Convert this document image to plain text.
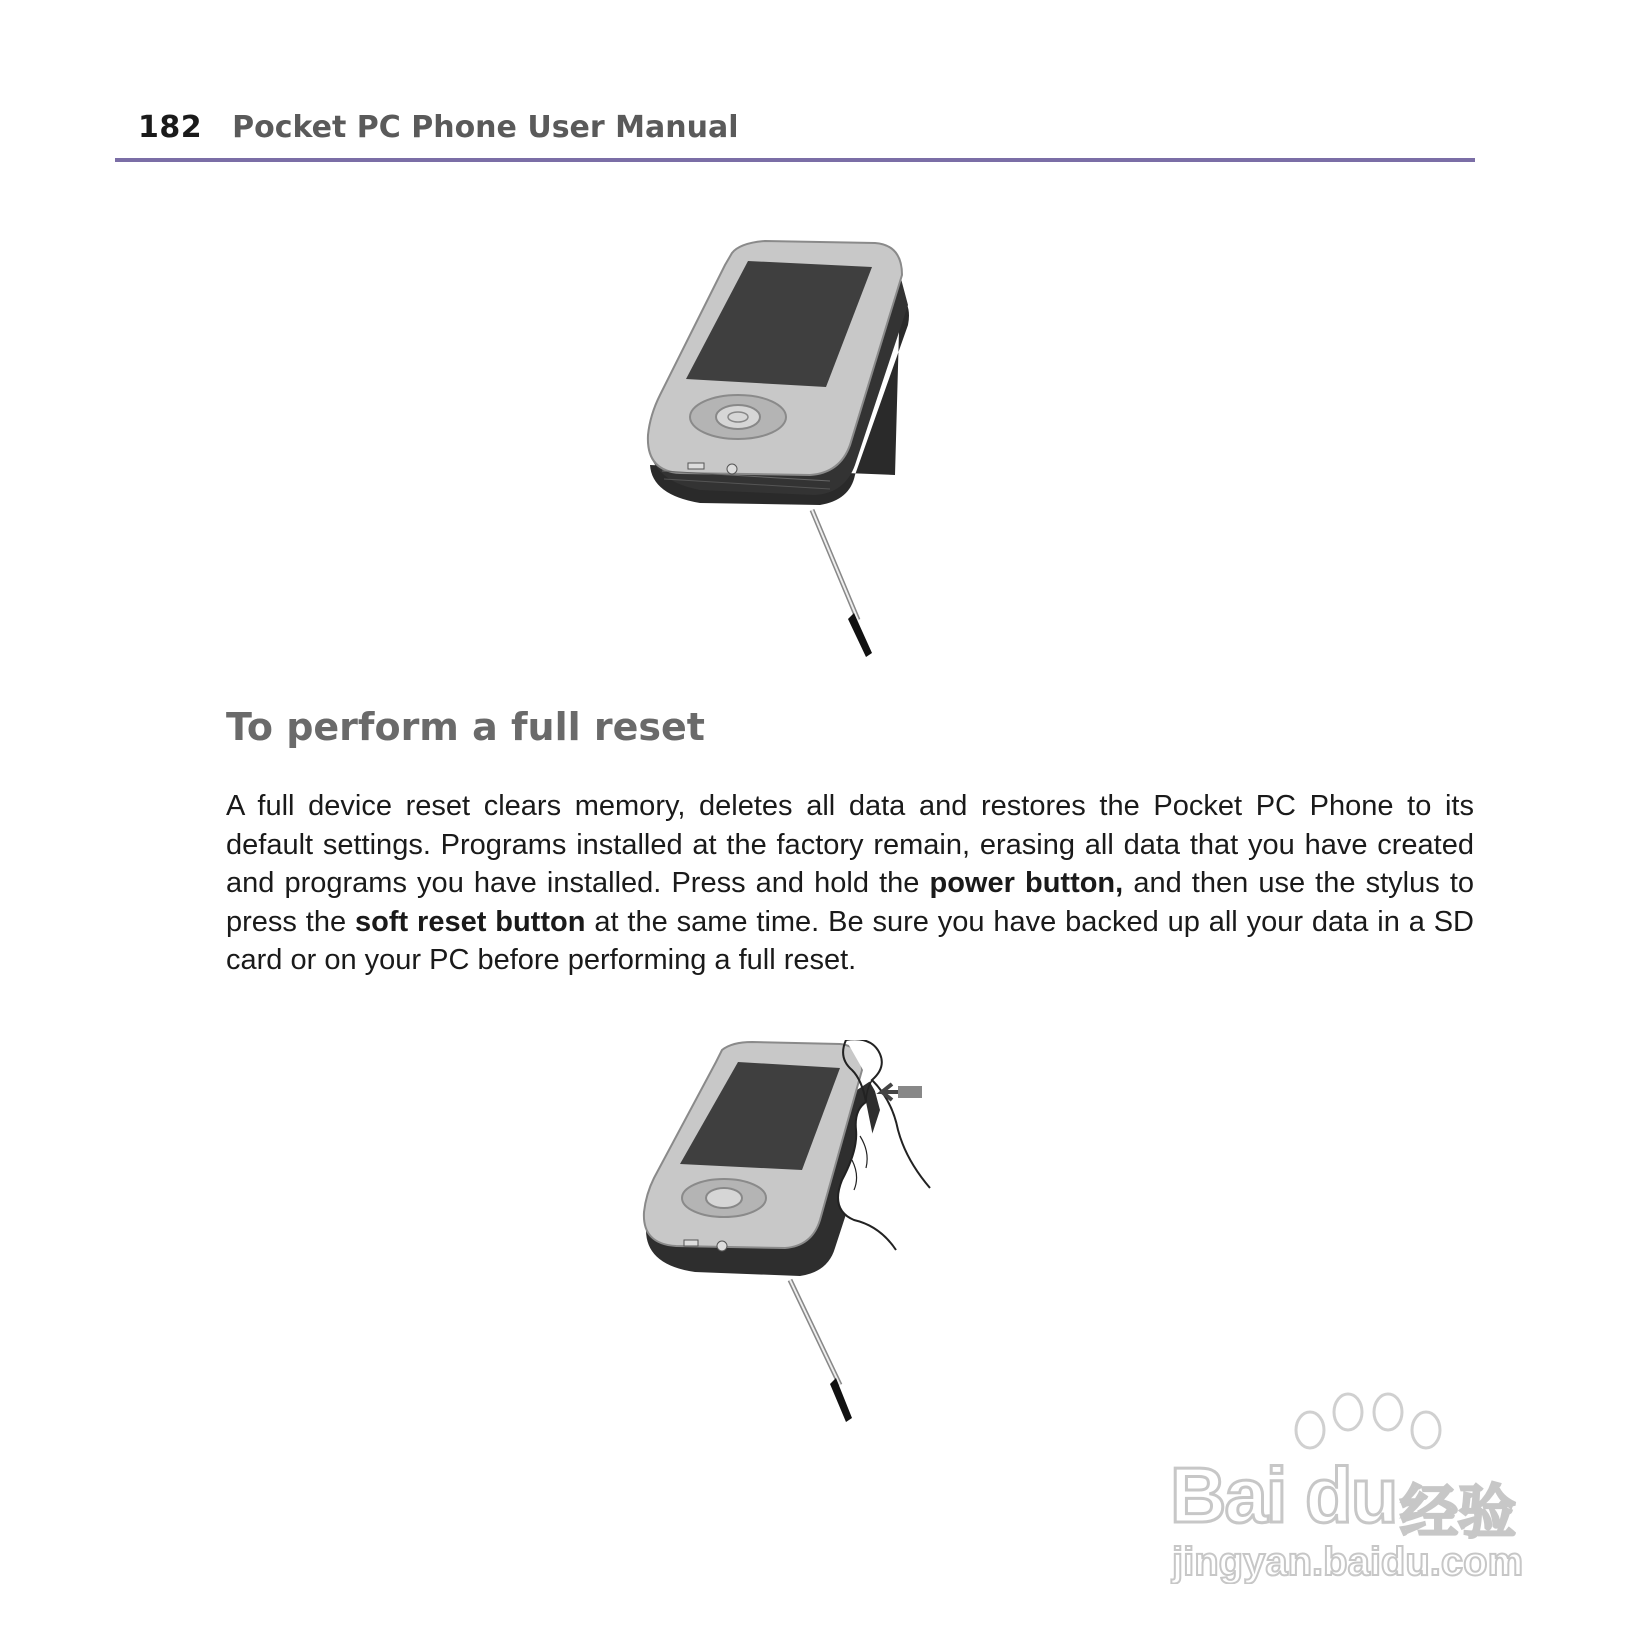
182 Pocket PC Phone User Manual
To perform a full reset

A full device reset clears memory, deletes all data and restores the Pocket PC Phone to its default settings. Programs installed at the factory remain, erasing all data that you have created and programs you have installed. Press and hold the power button, and then use the stylus to press the soft reset button at the same time. Be sure you have backed up all your data in a SD card or on your PC before performing a full reset.

Bai du 经验
jingyan.baidu.com
